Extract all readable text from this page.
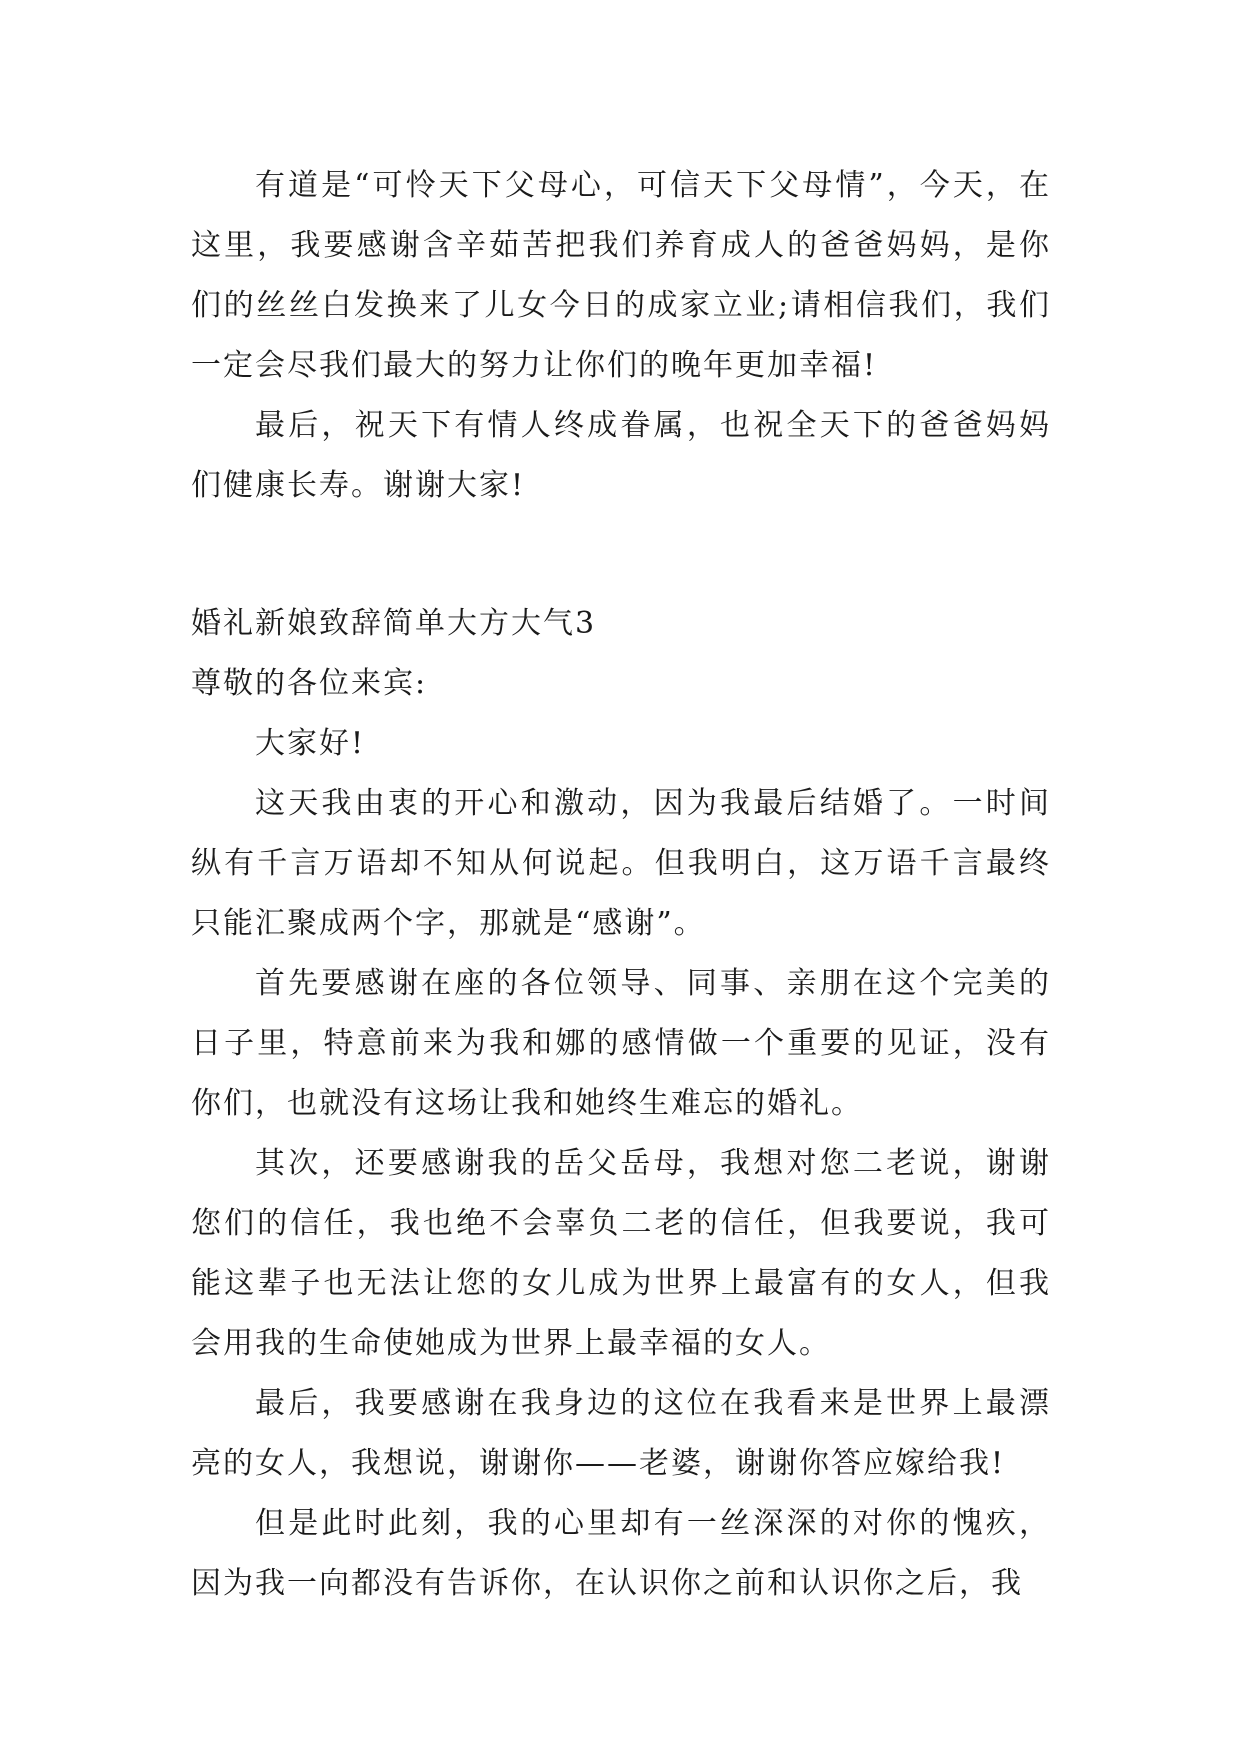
有道是“可怜天下父母心，可信天下父母情”，今天，在这里，我要感谢含辛茹苦把我们养育成人的爸爸妈妈，是你们的丝丝白发换来了儿女今日的成家立业;请相信我们，我们一定会尽我们最大的努力让你们的晚年更加幸福!

最后，祝天下有情人终成眷属，也祝全天下的爸爸妈妈们健康长寿。谢谢大家!

婚礼新娘致辞简单大方大气3

尊敬的各位来宾:

大家好!

这天我由衷的开心和激动，因为我最后结婚了。一时间纵有千言万语却不知从何说起。但我明白，这万语千言最终只能汇聚成两个字，那就是“感谢”。

首先要感谢在座的各位领导、同事、亲朋在这个完美的日子里，特意前来为我和娜的感情做一个重要的见证，没有你们，也就没有这场让我和她终生难忘的婚礼。

其次，还要感谢我的岳父岳母，我想对您二老说，谢谢您们的信任，我也绝不会辜负二老的信任，但我要说，我可能这辈子也无法让您的女儿成为世界上最富有的女人，但我会用我的生命使她成为世界上最幸福的女人。

最后，我要感谢在我身边的这位在我看来是世界上最漂亮的女人，我想说，谢谢你——老婆，谢谢你答应嫁给我!

但是此时此刻，我的心里却有一丝深深的对你的愧疚，因为我一向都没有告诉你，在认识你之前和认识你之后，我
